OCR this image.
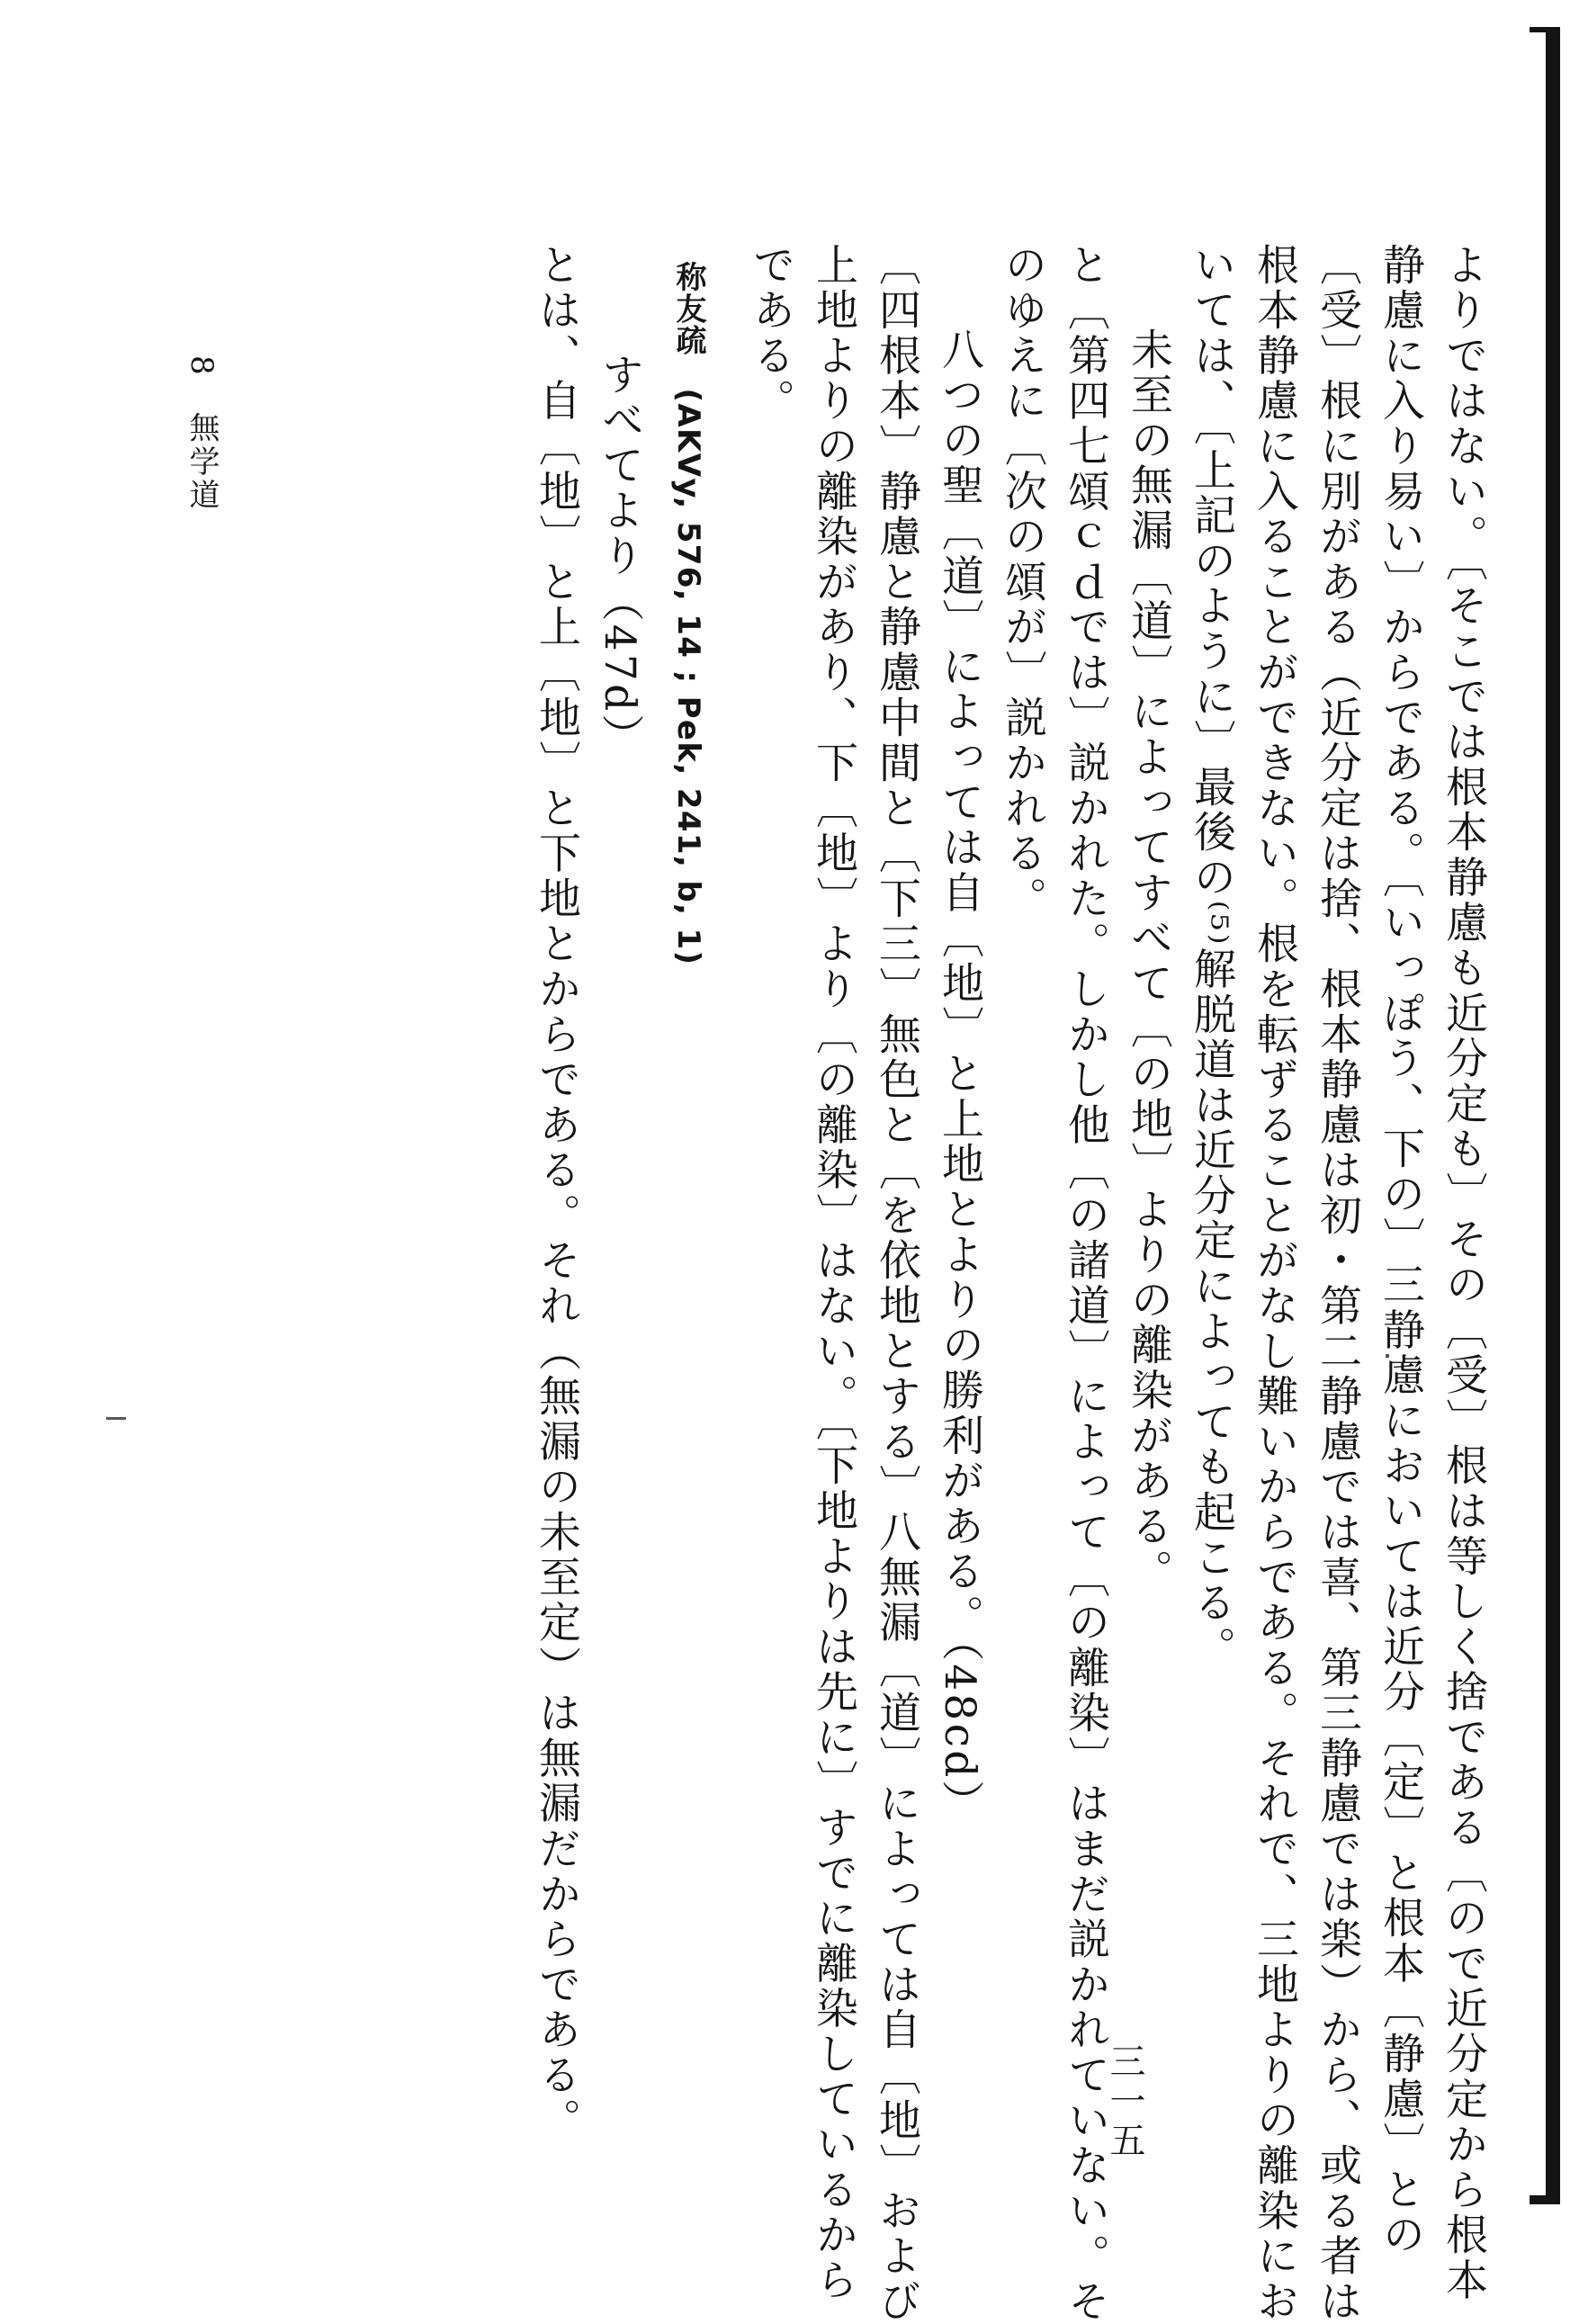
よりではない。〔そこでは根本静慮も近分定も〕その〔受〕根は等しく捨である〔ので近分定から根本

静慮に入り易い〕からである。〔いっぽう、下の〕三静慮においては近分〔定〕と根本〔静慮〕との

〔受〕根に別がある（近分定は捨、根本静慮は初・第二静慮では喜、第三静慮では楽）から、或る者は

根本静慮に入ることができない。根を転ずることがなし難いからである。それで、三地よりの離染にお

いては、〔上記のように〕最後の⁽⁵⁾解脱道は近分定によっても起こる。

未至の無漏〔道〕によってすべて〔の地〕よりの離染がある。

と〔第四七頌ｃｄでは〕説かれた。しかし他〔の諸道〕によって〔の離染〕はまだ説かれていない。そ

のゆえに〔次の頌が〕説かれる。

八つの聖〔道〕によっては自〔地〕と上地とよりの勝利がある。（48cd）

〔四根本〕静慮と静慮中間と〔下三〕無色と〔を依地とする〕八無漏〔道〕によっては自〔地〕および

上地よりの離染があり、下〔地〕より〔の離染〕はない。〔下地よりは先に〕すでに離染しているから

である。

称友疏　(AKVy, 576, 14 ; Pek, 241, b, 1)

すべてより（47d）

とは、自〔地〕と上〔地〕と下地とからである。それ（無漏の未至定）は無漏だからである。	三一五
8　無学道
